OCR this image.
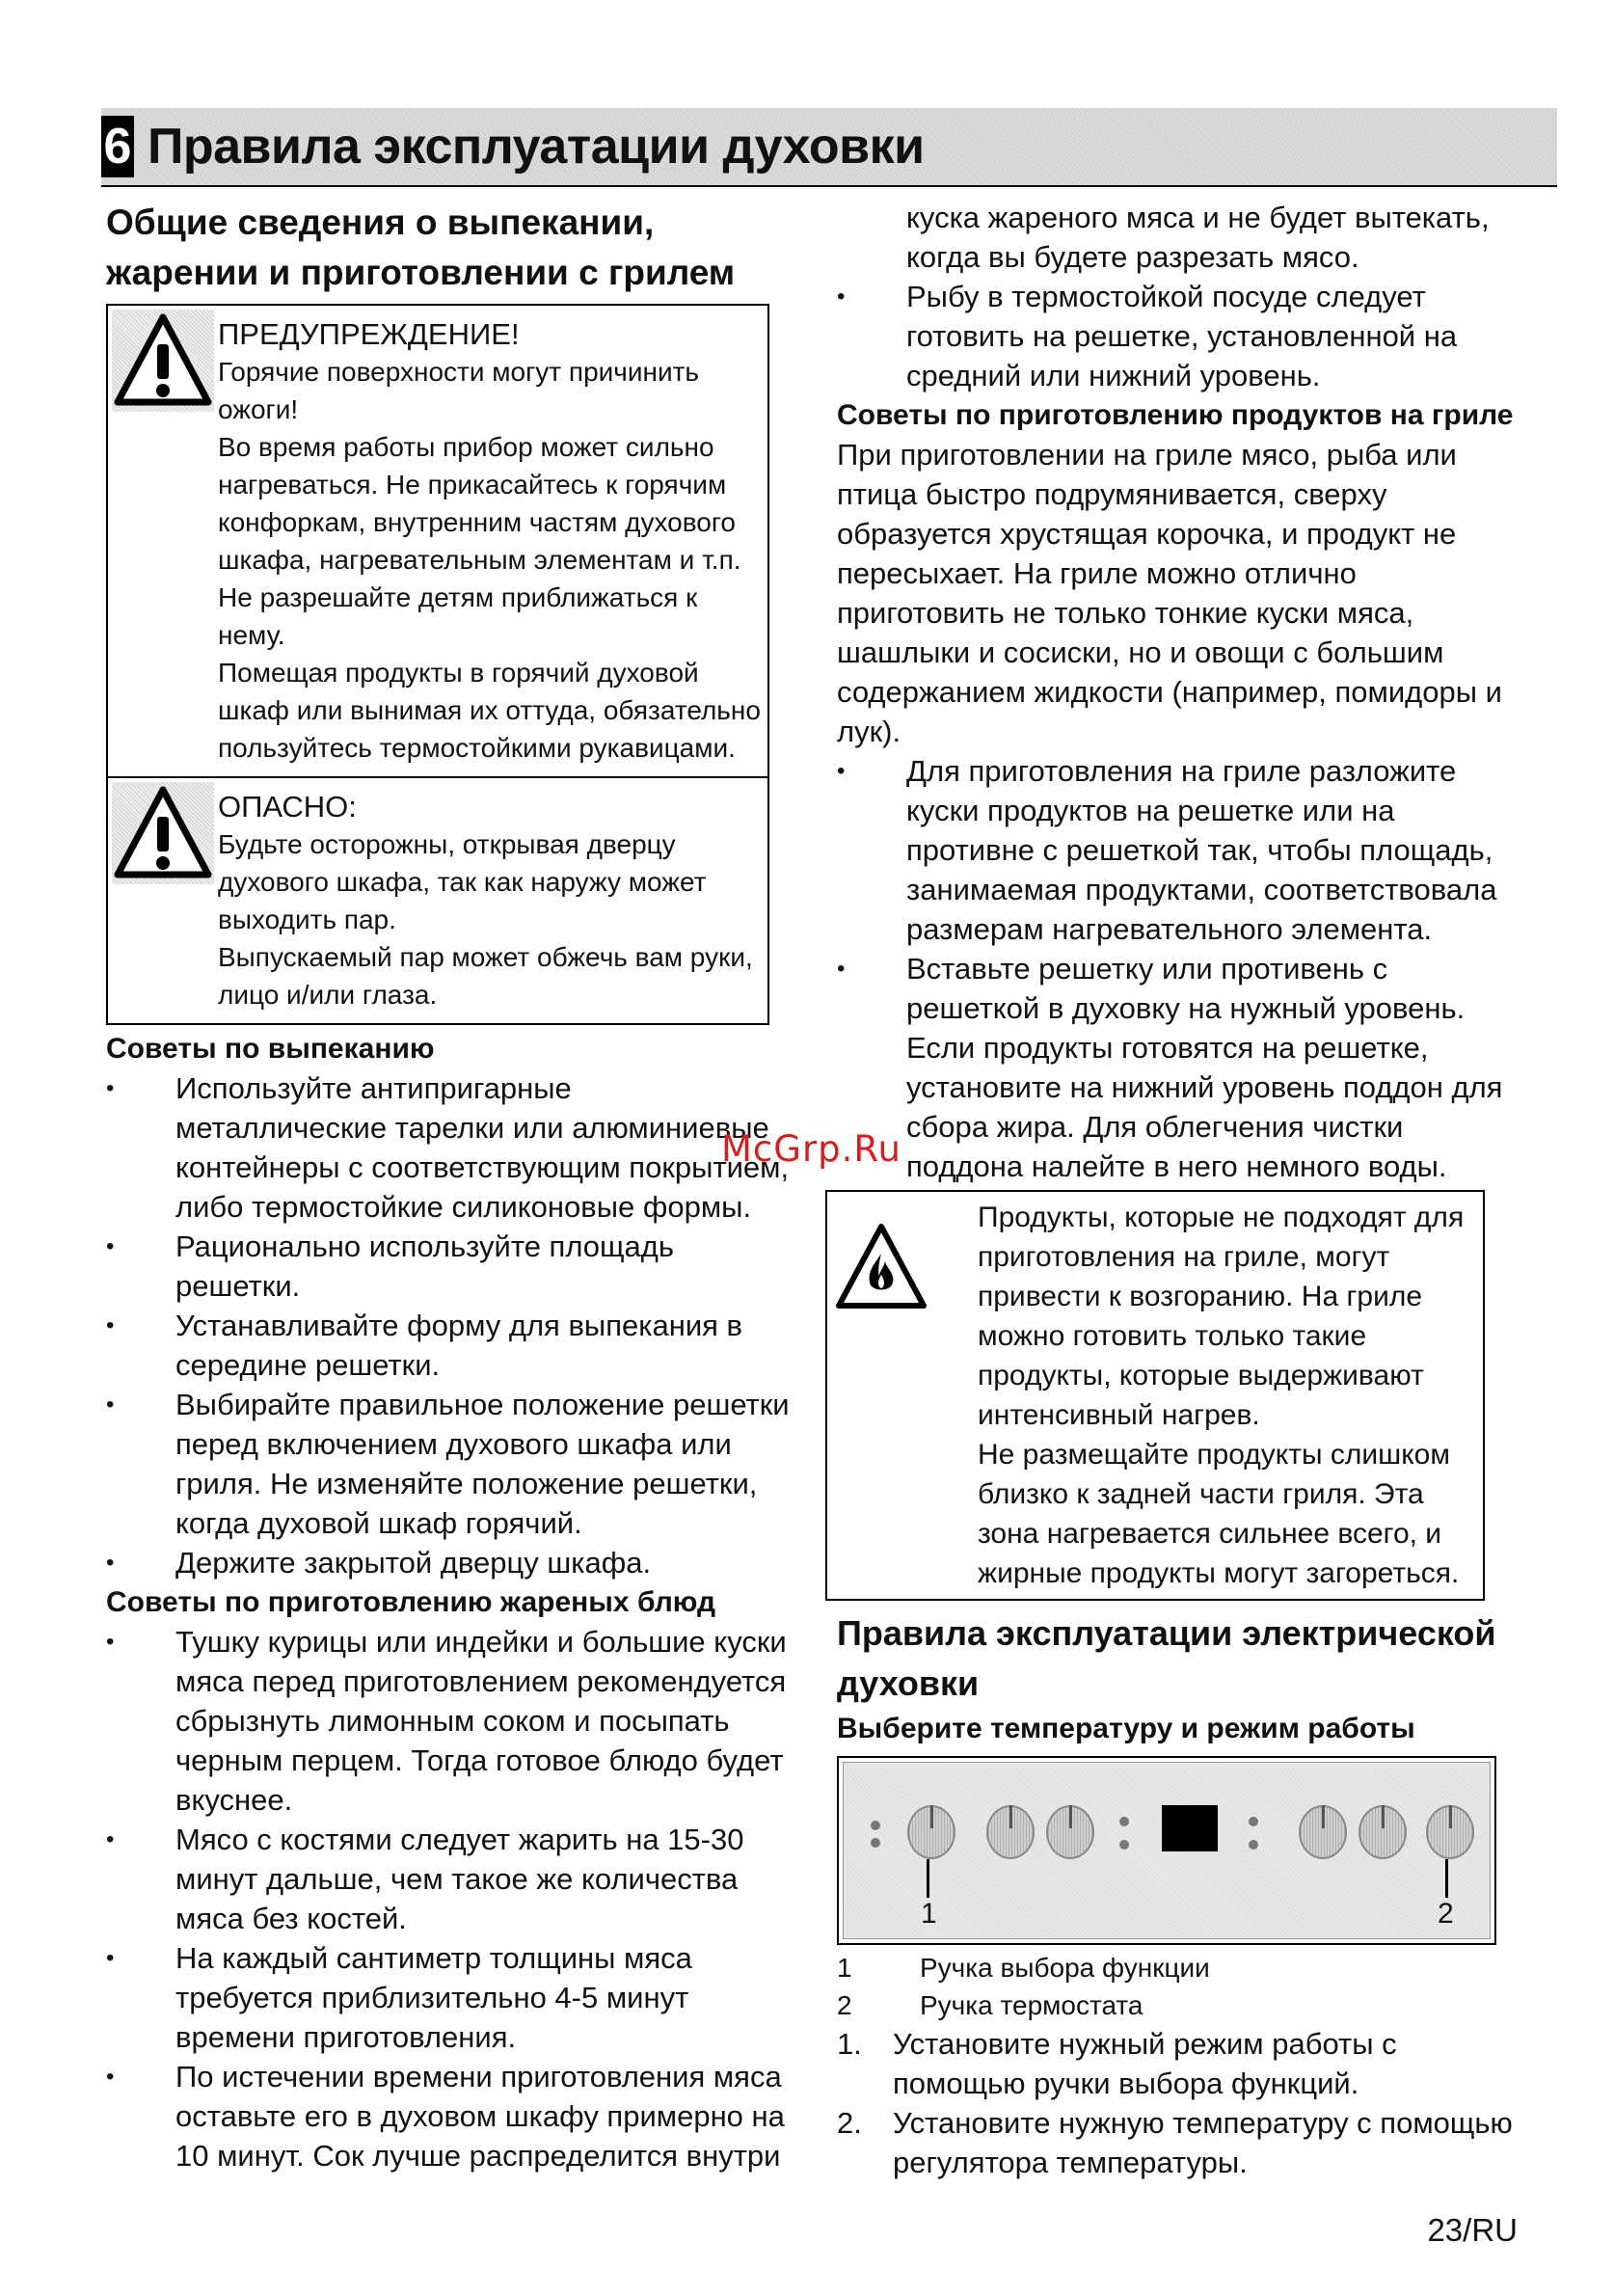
6 Правила эксплуатации духовки

Общие сведения о выпекании,
жарении и приготовлении с грилем

ПРЕДУПРЕЖДЕНИЕ!

Горячие поверхности могут причинить ожоги!

Во время работы прибор может сильно нагреваться. Не прикасайтесь к горячим конфоркам, внутренним частям духового шкафа, нагревательным элементам и т.п. Не разрешайте детям приближаться к нему.

Помещая продукты в горячий духовой шкаф или вынимая их оттуда, обязательно пользуйтесь термостойкими рукавицами.

ОПАСНО:

Будьте осторожны, открывая дверцу духового шкафа, так как наружу может выходить пар.

Выпускаемый пар может обжечь вам руки, лицо и/или глаза.

Советы по выпеканию

• Используйте антипригарные металлические тарелки или алюминиевые контейнеры с соответствующим покрытием, либо термостойкие силиконовые формы.
• Рационально используйте площадь решетки.
• Устанавливайте форму для выпекания в середине решетки.
• Выбирайте правильное положение решетки перед включением духового шкафа или гриля. Не изменяйте положение решетки, когда духовой шкаф горячий.
• Держите закрытой дверцу шкафа.

Советы по приготовлению жареных блюд

• Тушку курицы или индейки и большие куски мяса перед приготовлением рекомендуется сбрызнуть лимонным соком и посыпать черным перцем. Тогда готовое блюдо будет вкуснее.
• Мясо с костями следует жарить на 15-30 минут дальше, чем такое же количества мяса без костей.
• На каждый сантиметр толщины мяса требуется приблизительно 4-5 минут времени приготовления.
• По истечении времени приготовления мяса оставьте его в духовом шкафу примерно на 10 минут. Сок лучше распределится внутри
куска жареного мяса и не будет вытекать, когда вы будете разрезать мясо.
• Рыбу в термостойкой посуде следует готовить на решетке, установленной на средний или нижний уровень.

Советы по приготовлению продуктов на гриле

При приготовлении на гриле мясо, рыба или птица быстро подрумянивается, сверху образуется хрустящая корочка, и продукт не пересыхает. На гриле можно отлично приготовить не только тонкие куски мяса, шашлыки и сосиски, но и овощи с большим содержанием жидкости (например, помидоры и лук).

• Для приготовления на гриле разложите куски продуктов на решетке или на противне с решеткой так, чтобы площадь, занимаемая продуктами, соответствовала размерам нагревательного элемента.
• Вставьте решетку или противень с решеткой в духовку на нужный уровень. Если продукты готовятся на решетке, установите на нижний уровень поддон для сбора жира. Для облегчения чистки поддона налейте в него немного воды.

Продукты, которые не подходят для приготовления на гриле, могут привести к возгоранию. На гриле можно готовить только такие продукты, которые выдерживают интенсивный нагрев.

Не размещайте продукты слишком близко к задней части гриля. Эта зона нагревается сильнее всего, и жирные продукты могут загореться.

Правила эксплуатации электрической
духовки

Выберите температуру и режим работы

1	2
1	Ручка выбора функции
2	Ручка термостата
1. Установите нужный режим работы с помощью ручки выбора функций.
2. Установите нужную температуру с помощью регулятора температуры.
McGrp.Ru
23/RU
